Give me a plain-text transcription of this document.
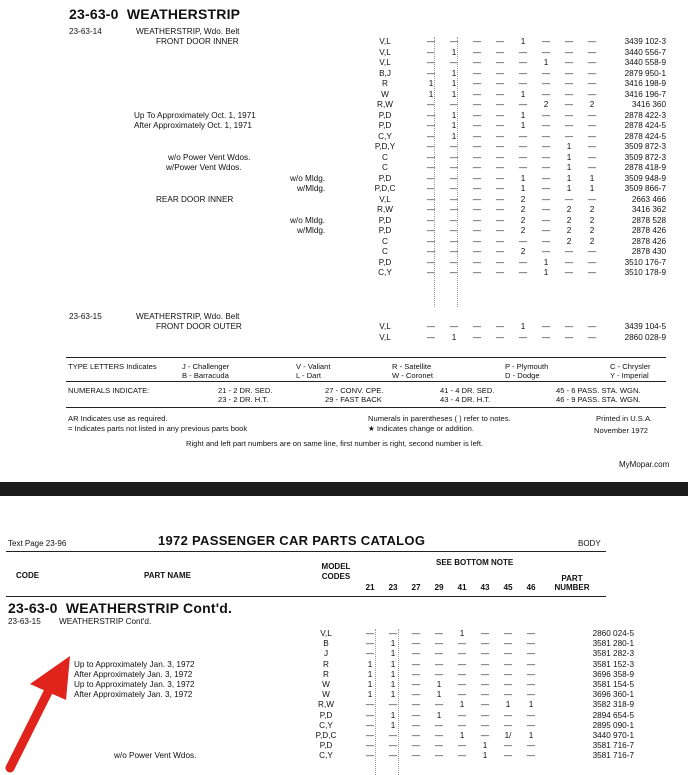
23-63-0 WEATHERSTRIP
23-63-14	WEATHERSTRIP, Wdo. Belt
FRONT DOOR INNER	V,L	— — — —	1	— — —	3439 102-3
V,L	—	1	— — — — — —	3440 556-7
V,L	— — — — —	1	— —	3440 558-9
B,J	—	1	— — — — — —	2879 950-1
R	1	1	— — — — — —	3416 198-9
W	1	1	— —	1	— — —	3416 196-7
R,W	— — — — —	2	—	2	3416 360
Up To Approximately Oct. 1, 1971	P,D	—	1	— —	1	— — —	2878 422-3
After Approximately Oct. 1, 1971	P,D	—	1	— —	1	— — —	2878 424-5
C,Y	—	1	— — — — — —	2878 424-5
P,D,Y	— — — — — —	1	—	3509 872-3
w/o Power Vent Wdos.	C	— — — — — —	1	—	3509 872-3
w/Power Vent Wdos.	C	— — — — — —	1	—	2878 418-9
w/o Mldg.	P,D	— — — —	1	—	1	1	3509 948-9
w/Mldg.	P,D,C	— — — —	1	—	1	1	3509 866-7
REAR DOOR INNER	V,L	— — — —	2	— — —	2663 466
R,W	— — — —	2	—	2	2	3416 362
w/o Mldg.	P,D	— — — —	2	—	2	2	2878 528
w/Mldg.	P,D	— — — —	2	—	2	2	2878 426
C	— — — — — —	2	2	2878 426
C	— — — —	2	— — —	2878 430
P,D	— — — — —	1	— —	3510 176-7
C,Y	— — — — —	1	— —	3510 178-9
23-63-15	WEATHERSTRIP, Wdo. Belt
FRONT DOOR OUTER	V,L	— — — —	1	— — —	3439 104-5
V,L	—	1	— — — — — —	2860 028-9
TYPE LETTERS Indicates	J - Challenger
B - Barracuda
V - Valiant
L - Dart
R - Satellite
W - Coronet
P - Plymouth
D - Dodge
C - Chrysler
Y - Imperial
NUMERALS INDICATE:	21 - 2 DR. SED.
23 - 2 DR. H.T.
27 - CONV. CPE.
29 - FAST BACK
41 - 4 DR. SED.
43 - 4 DR. H.T.
45 - 6 PASS. STA. WGN.
46 - 9 PASS. STA. WGN.
AR Indicates use as required.
= Indicates parts not listed in any previous parts book
Numerals in parentheses ( ) refer to notes.
★ Indicates change or addition.
Printed in U.S.A.
November 1972
Right and left part numbers are on same line, first number is right, second number is left.
MyMopar.com
Text Page 23-96	1972 PASSENGER CAR PARTS CATALOG	BODY
CODE	PART NAME
MODEL CODES
SEE BOTTOM NOTE
PART NUMBER
21 23 27 29 41 43 45 46
23-63-0 WEATHERSTRIP Cont'd.
23-63-15 WEATHERSTRIP Cont'd.
V,L	— — — —	1	— — —	2860 024-5
B	—	1	— — — — — —	3581 280-1
J	—	1	— — — — — —	3581 282-3
Up to Approximately Jan. 3, 1972	R	1	1	— — — — — —	3581 152-3
After Approximately Jan. 3, 1972	R	1	1	— — — — — —	3696 358-9
Up to Approximately Jan. 3, 1972	W	1	1	—	1	— — — —	3581 154-5
After Approximately Jan. 3, 1972	W	1	1	—	1	— — — —	3696 360-1
R,W	— — — —	1	—	1	1	3582 318-9
P,D	—	1	—	1	— — — —	2894 654-5
C,Y	—	1	— — — — — —	2895 090-1
P,D,C	— — — —	1	—	1/	1	3440 970-1
P,D	— — — — —	1	— —	3581 716-7
w/o Power Vent Wdos.	C,Y	— — — — —	1	— —	3581 716-7
